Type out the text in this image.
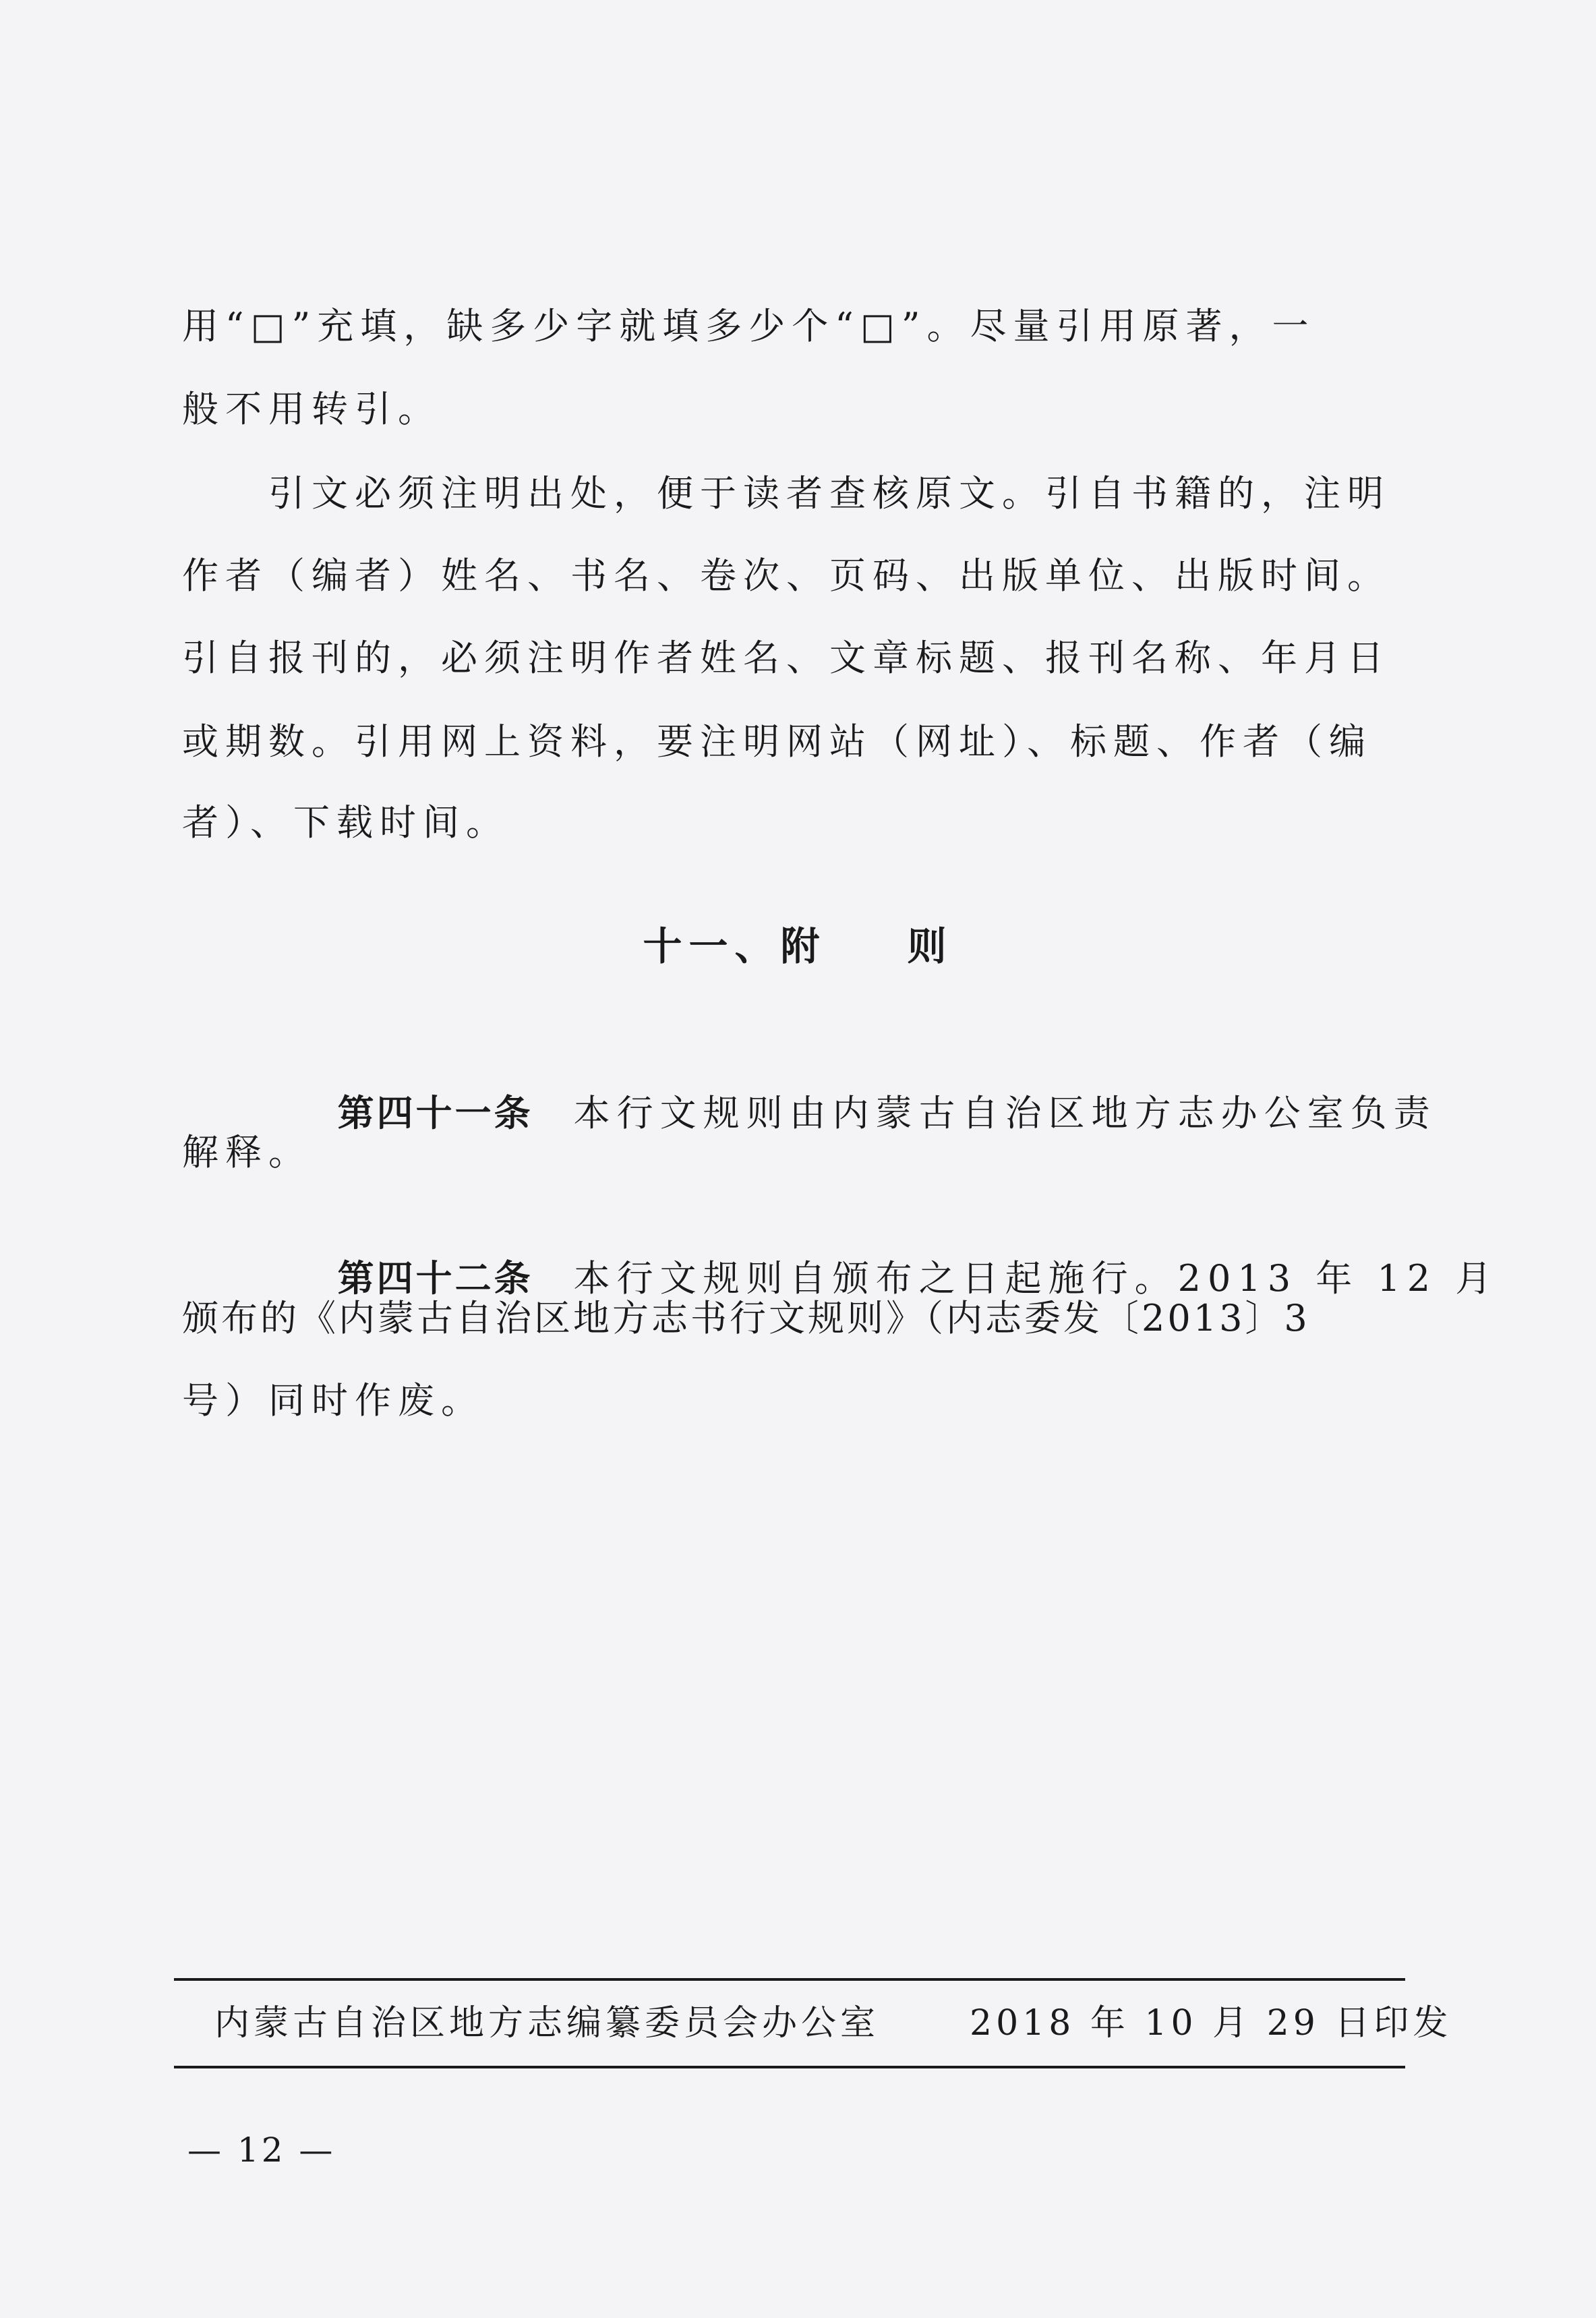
用“□”充填，缺多少字就填多少个“□”。尽量引用原著，一
般不用转引。
　　引文必须注明出处，便于读者查核原文。引自书籍的，注明
作者（编者）姓名、书名、卷次、页码、出版单位、出版时间。
引自报刊的，必须注明作者姓名、文章标题、报刊名称、年月日
或期数。引用网上资料，要注明网站（网址）、标题、作者（编
者）、下载时间。
十一、附 则

第四十一条 本行文规则由内蒙古自治区地方志办公室负责

解释。

第四十二条 本行文规则自颁布之日起施行。2013 年 12 月

颁布的《内蒙古自治区地方志书行文规则》（内志委发〔2013〕3
号）同时作废。
内蒙古自治区地方志编纂委员会办公室	2018 年 10 月 29 日印发
— 12 —
